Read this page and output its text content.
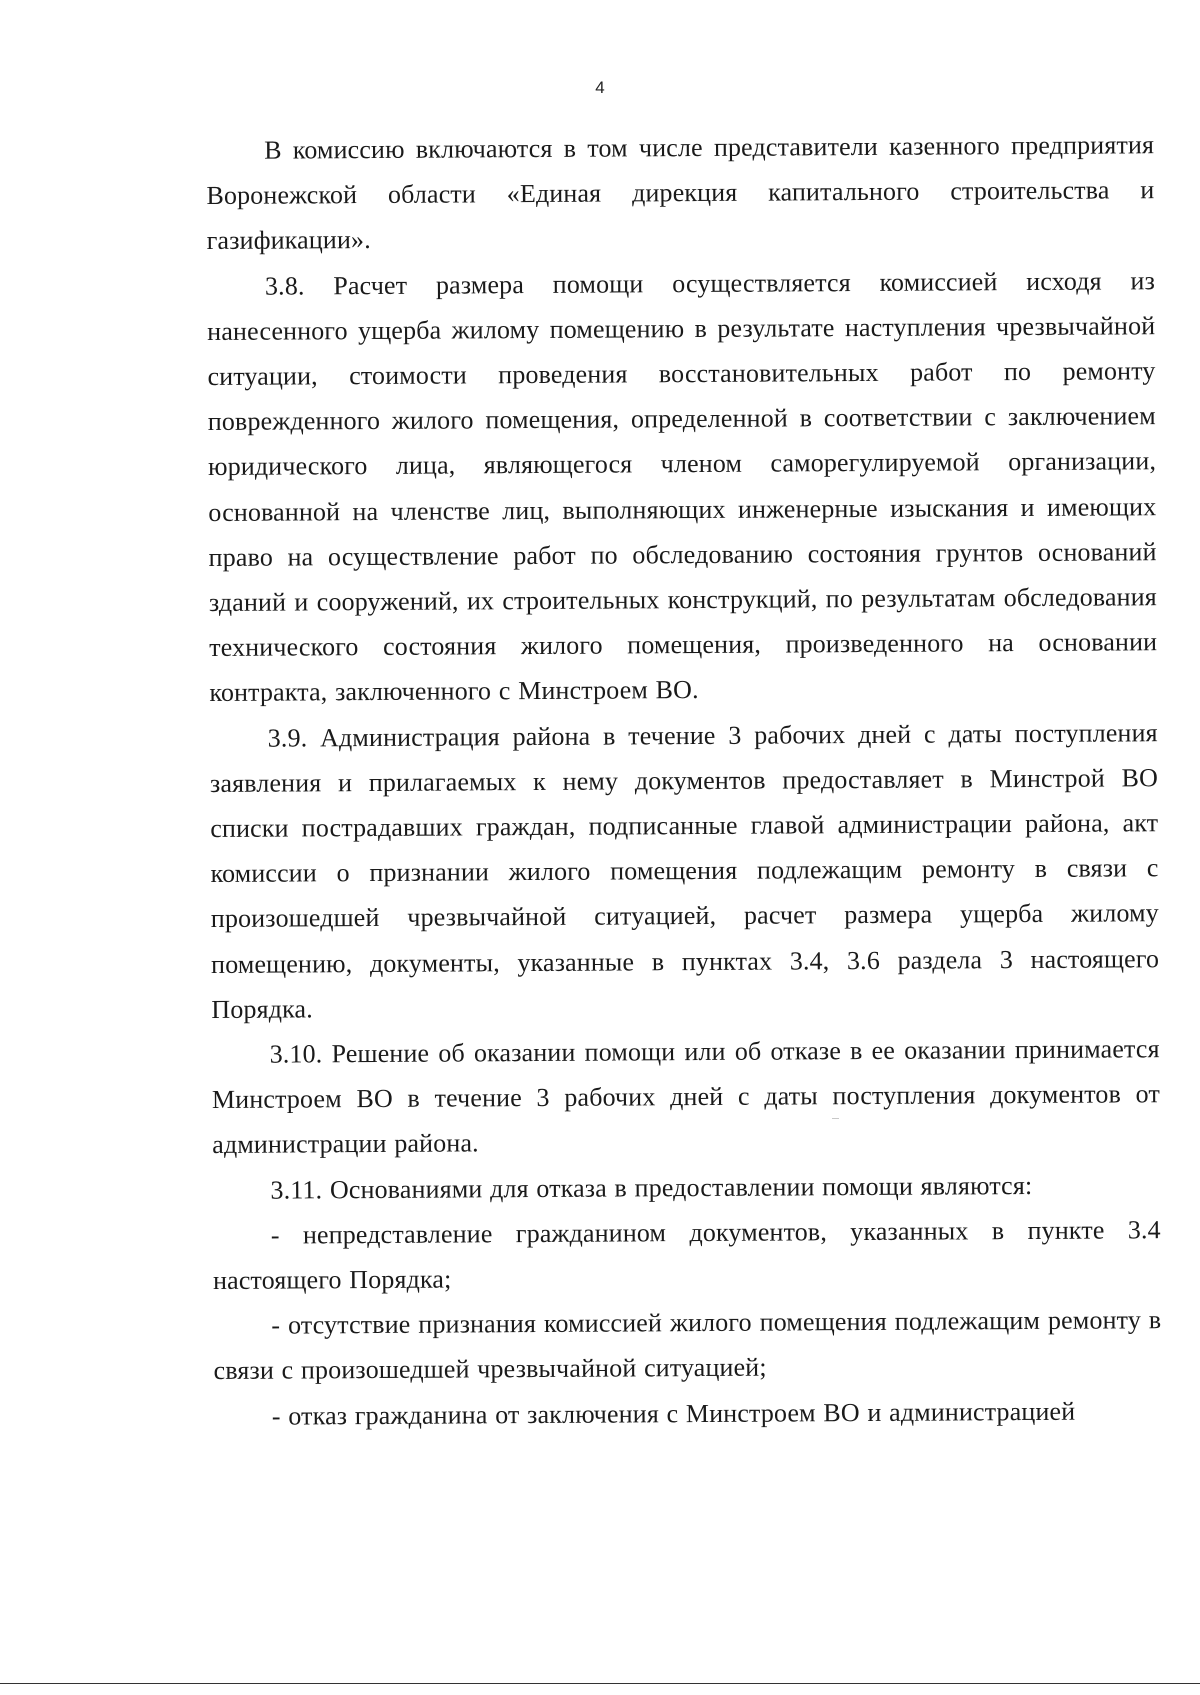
4

В комиссию включаются в том числе представители казенного предприятия Воронежской области «Единая дирекция капитального строительства и газификации».

3.8. Расчет размера помощи осуществляется комиссией исходя из нанесенного ущерба жилому помещению в результате наступления чрезвычайной ситуации, стоимости проведения восстановительных работ по ремонту поврежденного жилого помещения, определенной в соответствии с заключением юридического лица, являющегося членом саморегулируемой организации, основанной на членстве лиц, выполняющих инженерные изыскания и имеющих право на осуществление работ по обследованию состояния грунтов оснований зданий и сооружений, их строительных конструкций, по результатам обследования технического состояния жилого помещения, произведенного на основании контракта, заключенного с Минстроем ВО.

3.9. Администрация района в течение 3 рабочих дней с даты поступления заявления и прилагаемых к нему документов предоставляет в Минстрой ВО списки пострадавших граждан, подписанные главой администрации района, акт комиссии о признании жилого помещения подлежащим ремонту в связи с произошедшей чрезвычайной ситуацией, расчет размера ущерба жилому помещению, документы, указанные в пунктах 3.4, 3.6 раздела 3 настоящего Порядка.

3.10. Решение об оказании помощи или об отказе в ее оказании принимается Минстроем ВО в течение 3 рабочих дней с даты поступления документов от администрации района.

3.11. Основаниями для отказа в предоставлении помощи являются:

- непредставление гражданином документов, указанных в пункте 3.4 настоящего Порядка;

- отсутствие признания комиссией жилого помещения подлежащим ремонту в связи с произошедшей чрезвычайной ситуацией;

- отказ гражданина от заключения с Минстроем ВО и администрацией
